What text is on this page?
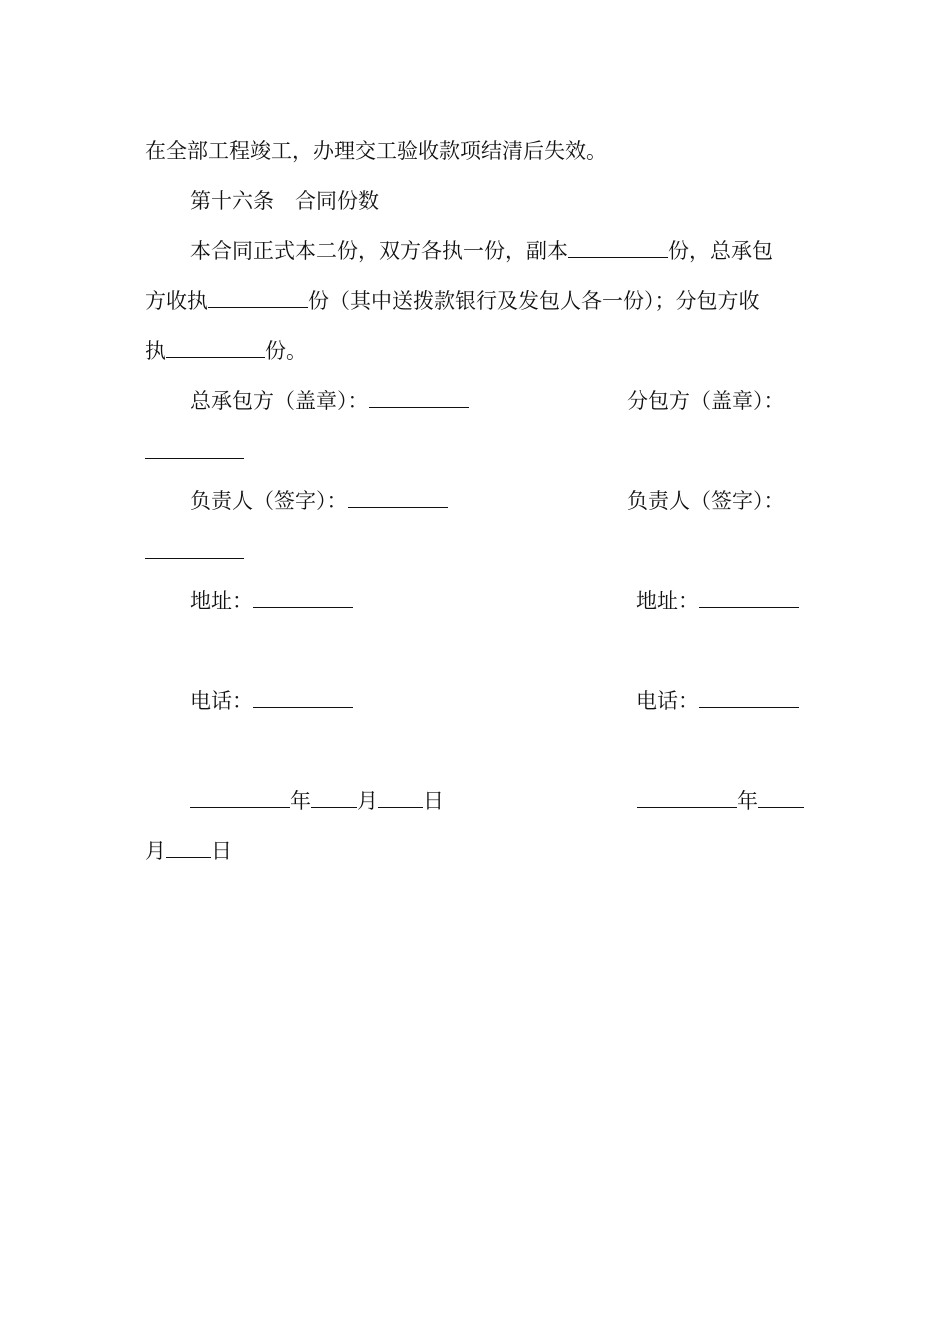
在全部工程竣工，办理交工验收款项结清后失效。
第十六条　合同份数
本合同正式本二份，双方各执一份，副本	份，总承包
方收执	份（其中送拨款银行及发包人各一份）；分包方收
执	份。
总承包方（盖章）：	分包方（盖章）：
负责人（签字）：	负责人（签字）：
地址：	地址：
电话：	电话：
年 月 日	年
月 日
